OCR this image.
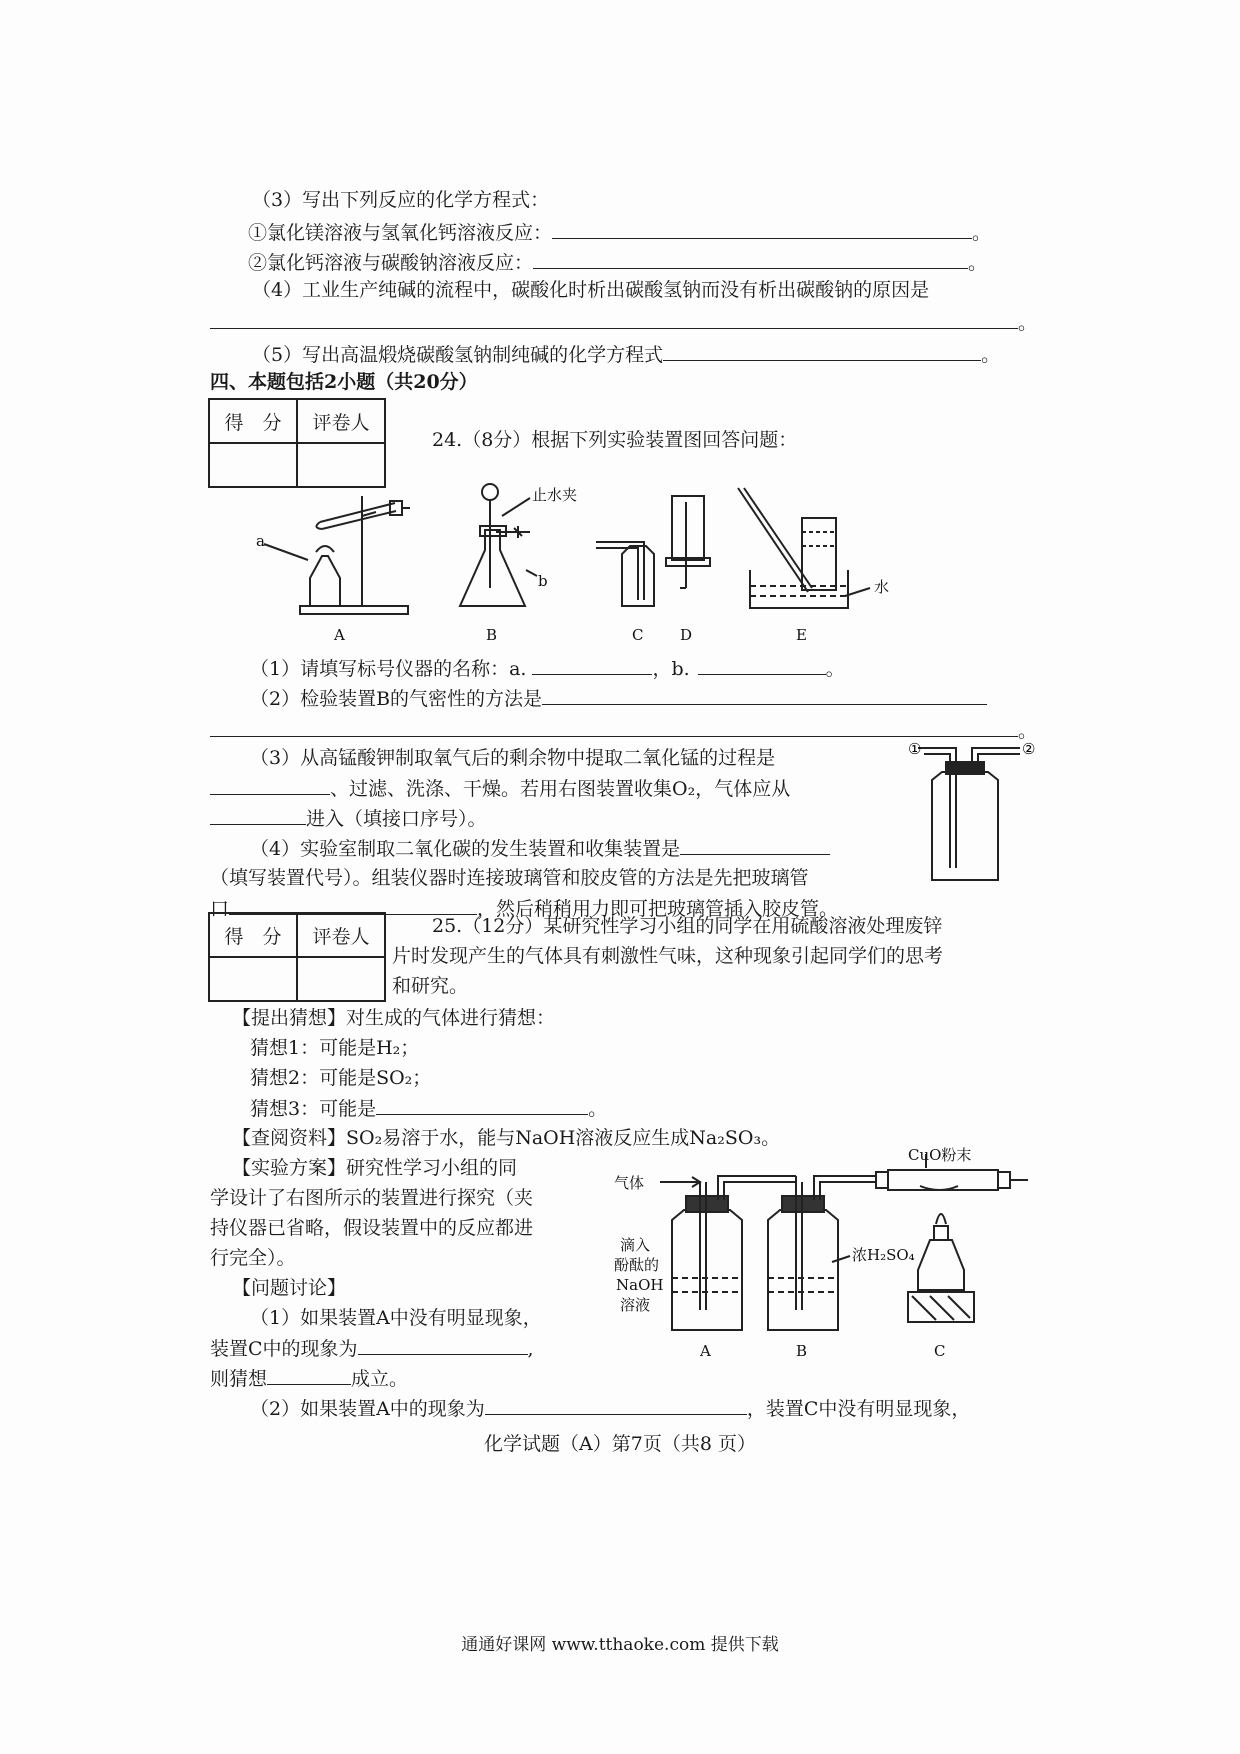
（3）写出下列反应的化学方程式：
①氯化镁溶液与氢氧化钙溶液反应：	。
②氯化钙溶液与碳酸钠溶液反应：	。
（4）工业生产纯碱的流程中，碳酸化时析出碳酸氢钠而没有析出碳酸钠的原因是
。
（5）写出高温煅烧碳酸氢钠制纯碱的化学方程式	。
四、本题包括2小题（共20分）
得　分	评卷人

24.（8分）根据下列实验装置图回答问题：
a
b
止水夹
水
A	B	C D	E
（1）请填写标号仪器的名称：a.	，b.	。
（2）检验装置B的气密性的方法是
。
（3）从高锰酸钾制取氧气后的剩余物中提取二氧化锰的过程是
、过滤、洗涤、干燥。若用右图装置收集O₂，气体应从
进入（填接口序号）。
（4）实验室制取二氧化碳的发生装置和收集装置是
（填写装置代号）。组装仪器时连接玻璃管和胶皮管的方法是先把玻璃管
口	，然后稍稍用力即可把玻璃管插入胶皮管。
①	②
得　分	评卷人
		25.（12分）某研究性学习小组的同学在用硫酸溶液处理废锌
片时发现产生的气体具有刺激性气味，这种现象引起同学们的思考
和研究。
【提出猜想】对生成的气体进行猜想：
猜想1：可能是H₂；
猜想2：可能是SO₂；
猜想3：可能是	。
【查阅资料】SO₂易溶于水，能与NaOH溶液反应生成Na₂SO₃。
【实验方案】研究性学习小组的同
学设计了右图所示的装置进行探究（夹
持仪器已省略，假设装置中的反应都进
行完全）。
【问题讨论】
（1）如果装置A中没有明显现象，
装置C中的现象为	,
则猜想	成立。
（2）如果装置A中的现象为	，装置C中没有明显现象，
气体
CuO粉末
滴入
酚酞的
NaOH
溶液
浓H₂SO₄
A	B	C
化学试题（A）第7页（共8 页）
通通好课网 www.tthaoke.com 提供下载
